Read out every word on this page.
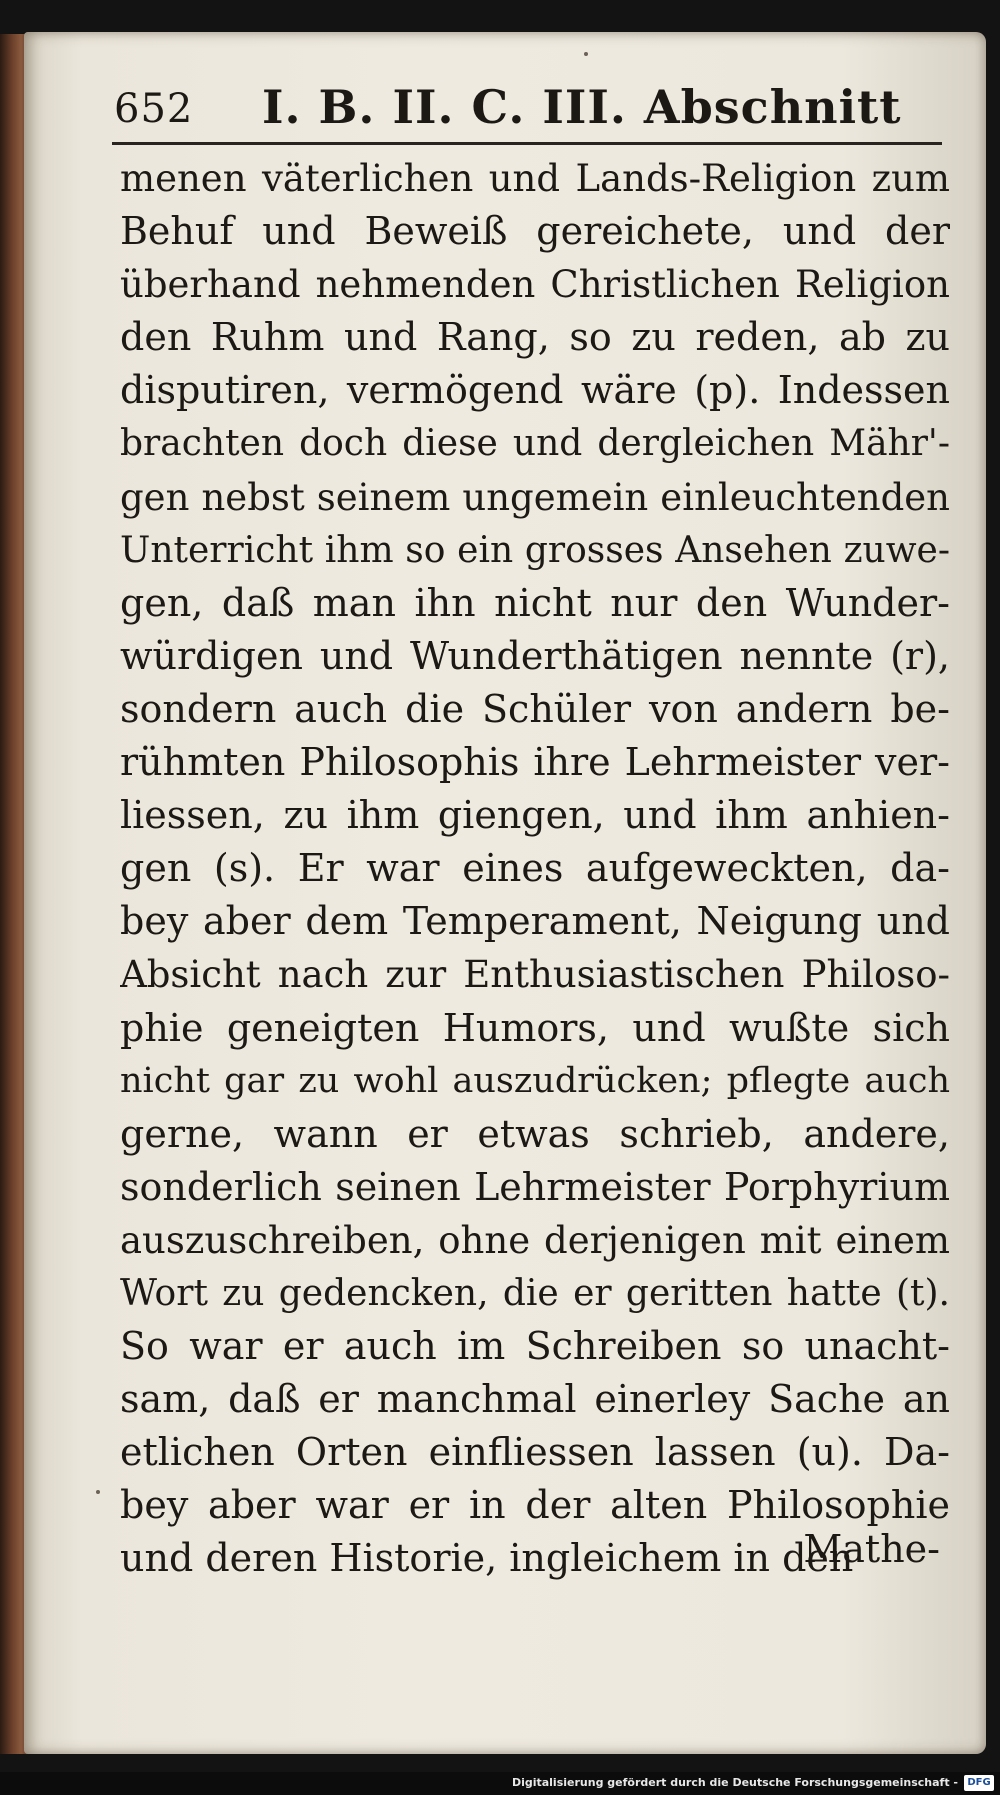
652 I. B. II. C. III. Abschnitt
menen väterlichen und Lands-Religion zum
Behuf und Beweiß gereichete, und der
überhand nehmenden Christlichen Religion
den Ruhm und Rang, so zu reden, ab zu
disputiren, vermögend wäre (p). Indessen
brachten doch diese und dergleichen Mähr'-
gen nebst seinem ungemein einleuchtenden
Unterricht ihm so ein grosses Ansehen zuwe-
gen, daß man ihn nicht nur den Wunder-
würdigen und Wunderthätigen nennte (r),
sondern auch die Schüler von andern be-
rühmten Philosophis ihre Lehrmeister ver-
liessen, zu ihm giengen, und ihm anhien-
gen (s). Er war eines aufgeweckten, da-
bey aber dem Temperament, Neigung und
Absicht nach zur Enthusiastischen Philoso-
phie geneigten Humors, und wußte sich
nicht gar zu wohl auszudrücken; pflegte auch
gerne, wann er etwas schrieb, andere,
sonderlich seinen Lehrmeister Porphyrium
auszuschreiben, ohne derjenigen mit einem
Wort zu gedencken, die er geritten hatte (t).
So war er auch im Schreiben so unacht-
sam, daß er manchmal einerley Sache an
etlichen Orten einfliessen lassen (u). Da-
bey aber war er in der alten Philosophie
und deren Historie, ingleichem in den
Mathe-
Digitalisierung gefördert durch die Deutsche Forschungsgemeinschaft - DFG
